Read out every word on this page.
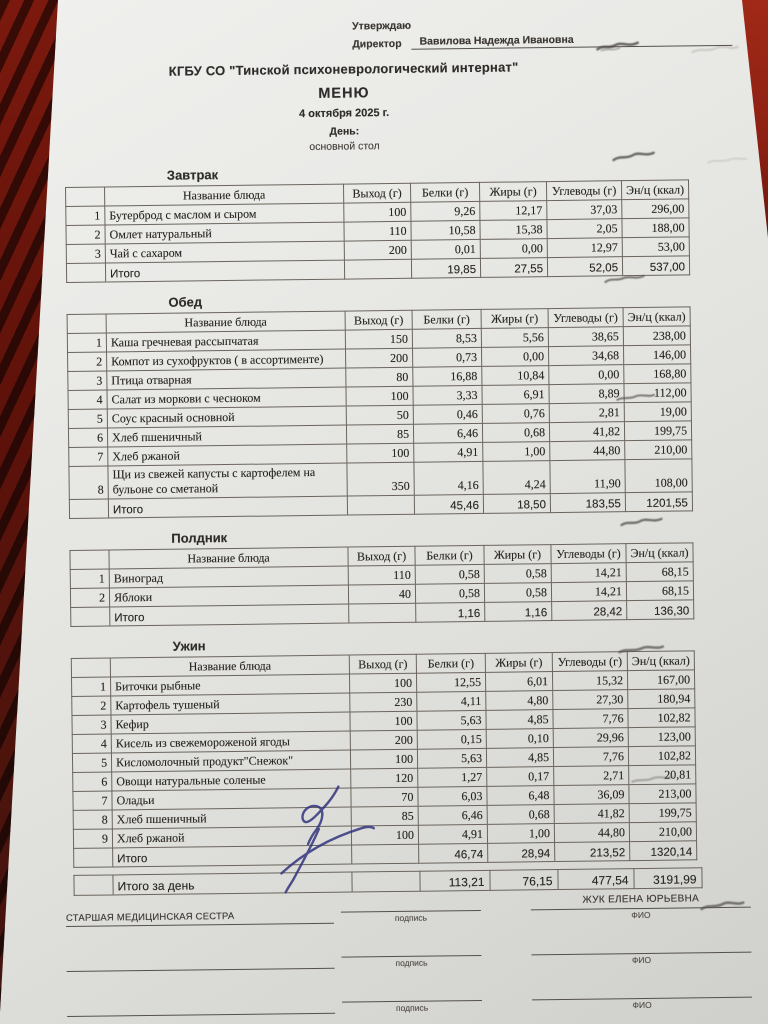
Утверждаю
Директор	Вавилова Надежда Ивановна
КГБУ СО "Тинской психоневрологический интернат"
МЕНЮ
4 октября 2025 г.
День:
основной стол
Завтрак
	Название блюда	Выход (г)	Белки (г)	Жиры (г)	Углеводы (г)	Эн/ц (ккал)
1	Бутерброд с маслом и сыром	100	9,26	12,17	37,03	296,00
2	Омлет натуральный	110	10,58	15,38	2,05	188,00
3	Чай с сахаром	200	0,01	0,00	12,97	53,00
	Итого		19,85	27,55	52,05	537,00
Обед
	Название блюда	Выход (г)	Белки (г)	Жиры (г)	Углеводы (г)	Эн/ц (ккал)
1	Каша гречневая рассыпчатая	150	8,53	5,56	38,65	238,00
2	Компот из сухофруктов ( в ассортименте)	200	0,73	0,00	34,68	146,00
3	Птица отварная	80	16,88	10,84	0,00	168,80
4	Салат из моркови с чесноком	100	3,33	6,91	8,89	112,00
5	Соус красный основной	50	0,46	0,76	2,81	19,00
6	Хлеб пшеничный	85	6,46	0,68	41,82	199,75
7	Хлеб ржаной	100	4,91	1,00	44,80	210,00
8	Щи из свежей капусты с картофелем на бульоне со сметаной	350	4,16	4,24	11,90	108,00
	Итого		45,46	18,50	183,55	1201,55
Полдник
	Название блюда	Выход (г)	Белки (г)	Жиры (г)	Углеводы (г)	Эн/ц (ккал)
1	Виноград	110	0,58	0,58	14,21	68,15
2	Яблоки	40	0,58	0,58	14,21	68,15
	Итого		1,16	1,16	28,42	136,30
Ужин
	Название блюда	Выход (г)	Белки (г)	Жиры (г)	Углеводы (г)	Эн/ц (ккал)
1	Биточки рыбные	100	12,55	6,01	15,32	167,00
2	Картофель тушеный	230	4,11	4,80	27,30	180,94
3	Кефир	100	5,63	4,85	7,76	102,82
4	Кисель из свежемороженой ягоды	200	0,15	0,10	29,96	123,00
5	Кисломолочный продукт"Снежок"	100	5,63	4,85	7,76	102,82
6	Овощи натуральные соленые	120	1,27	0,17	2,71	20,81
7	Оладьи	70	6,03	6,48	36,09	213,00
8	Хлеб пшеничный	85	6,46	0,68	41,82	199,75
9	Хлеб ржаной	100	4,91	1,00	44,80	210,00
	Итого		46,74	28,94	213,52	1320,14
	Итого за день		113,21	76,15	477,54	3191,99
СТАРШАЯ МЕДИЦИНСКАЯ СЕСТРА	подпись
ЖУК ЕЛЕНА ЮРЬЕВНА
ФИО
подпись	ФИО
подпись	ФИО
